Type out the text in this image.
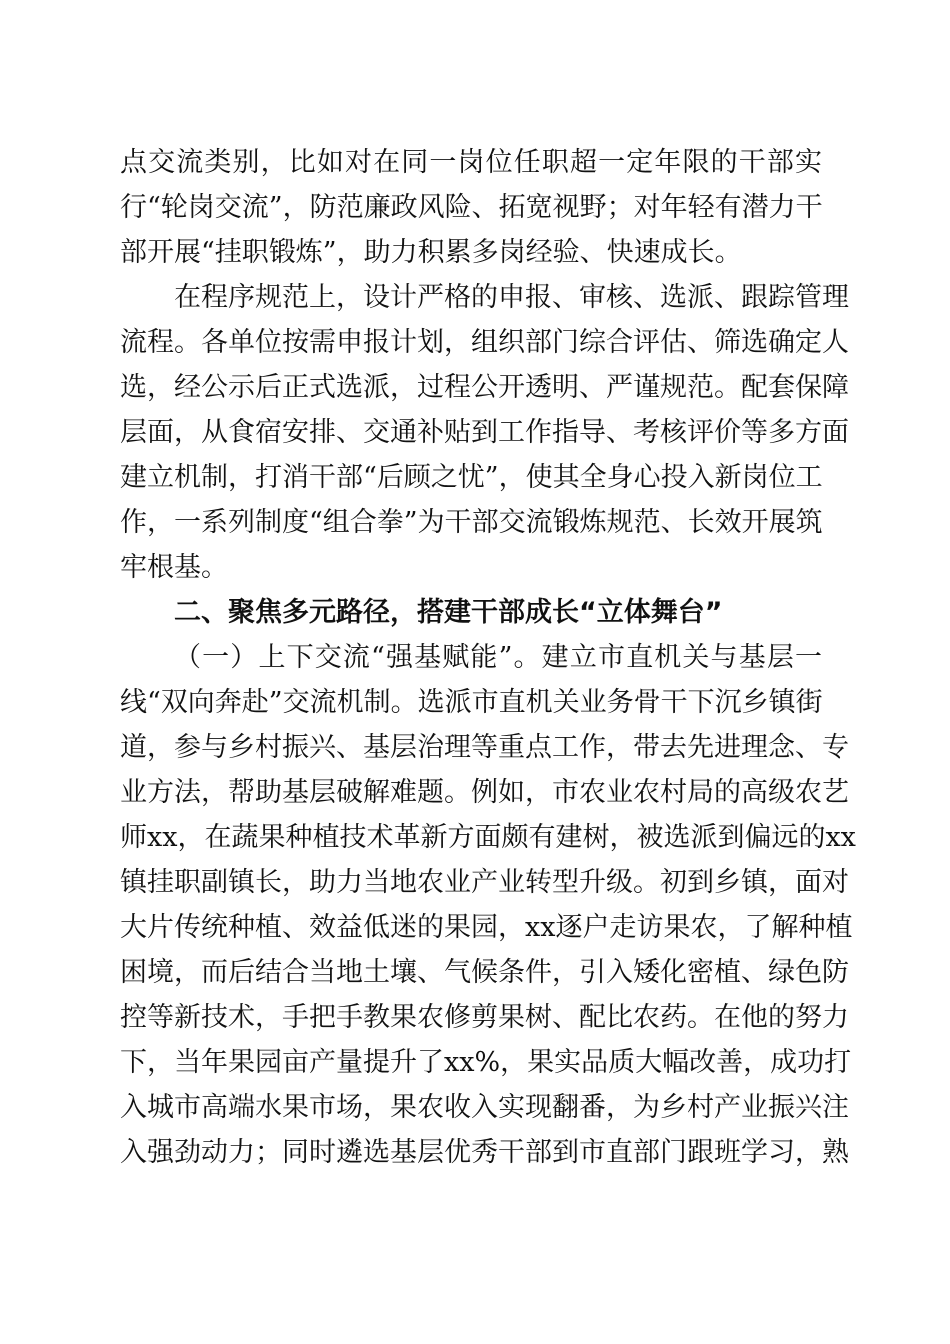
点交流类别，比如对在同一岗位任职超一定年限的干部实
行“轮岗交流”，防范廉政风险、拓宽视野；对年轻有潜力干
部开展“挂职锻炼”，助力积累多岗经验、快速成长。
在程序规范上，设计严格的申报、审核、选派、跟踪管理
流程。各单位按需申报计划，组织部门综合评估、筛选确定人
选，经公示后正式选派，过程公开透明、严谨规范。配套保障
层面，从食宿安排、交通补贴到工作指导、考核评价等多方面
建立机制，打消干部“后顾之忧”，使其全身心投入新岗位工
作，一系列制度“组合拳”为干部交流锻炼规范、长效开展筑
牢根基。
二、聚焦多元路径，搭建干部成长“立体舞台”
（一）上下交流“强基赋能”。建立市直机关与基层一
线“双向奔赴”交流机制。选派市直机关业务骨干下沉乡镇街
道，参与乡村振兴、基层治理等重点工作，带去先进理念、专
业方法，帮助基层破解难题。例如，市农业农村局的高级农艺
师xx，在蔬果种植技术革新方面颇有建树，被选派到偏远的xx
镇挂职副镇长，助力当地农业产业转型升级。初到乡镇，面对
大片传统种植、效益低迷的果园，xx逐户走访果农，了解种植
困境，而后结合当地土壤、气候条件，引入矮化密植、绿色防
控等新技术，手把手教果农修剪果树、配比农药。在他的努力
下，当年果园亩产量提升了xx%，果实品质大幅改善，成功打
入城市高端水果市场，果农收入实现翻番，为乡村产业振兴注
入强劲动力；同时遴选基层优秀干部到市直部门跟班学习，熟
